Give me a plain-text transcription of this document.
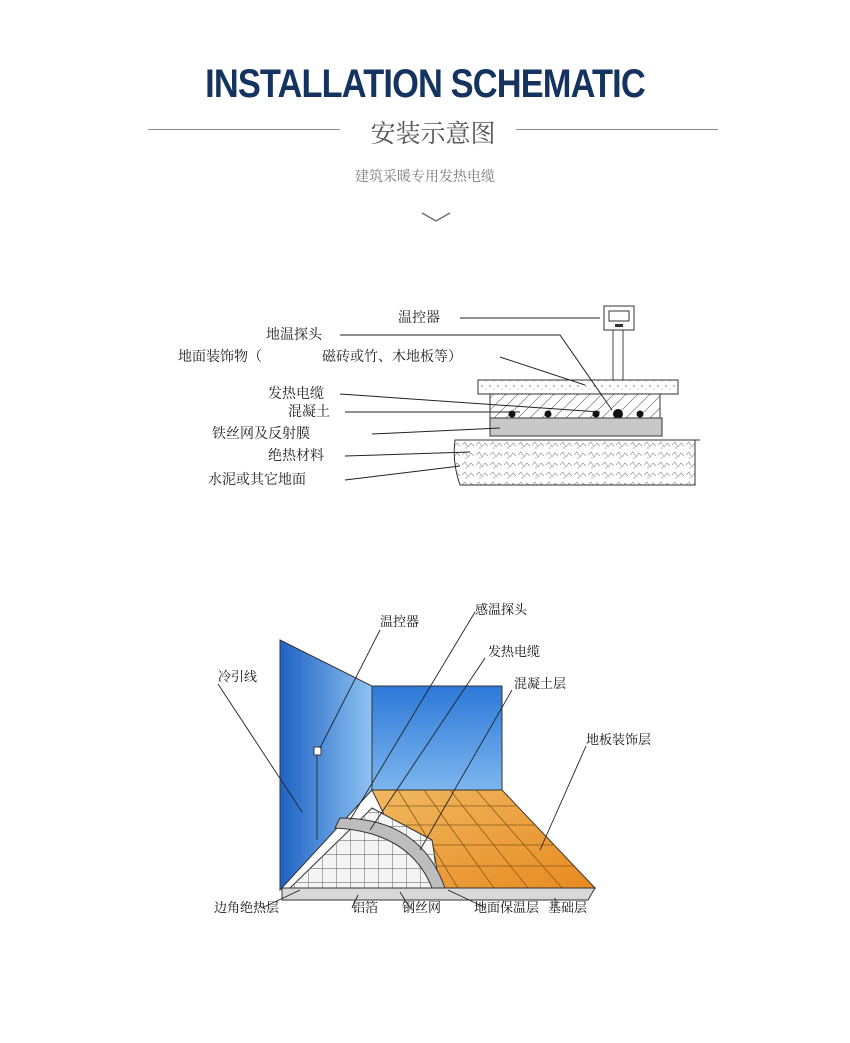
INSTALLATION SCHEMATIC
安装示意图
建筑采暖专用发热电缆
温控器
地温探头
地面装饰物（	磁砖或竹、木地板等）
发热电缆
混凝土
铁丝网及反射膜
绝热材料
水泥或其它地面
温控器
感温探头
发热电缆
混凝土层
地板装饰层
冷引线
边角绝热层	铝箔 钢丝网	地面保温层 基础层
